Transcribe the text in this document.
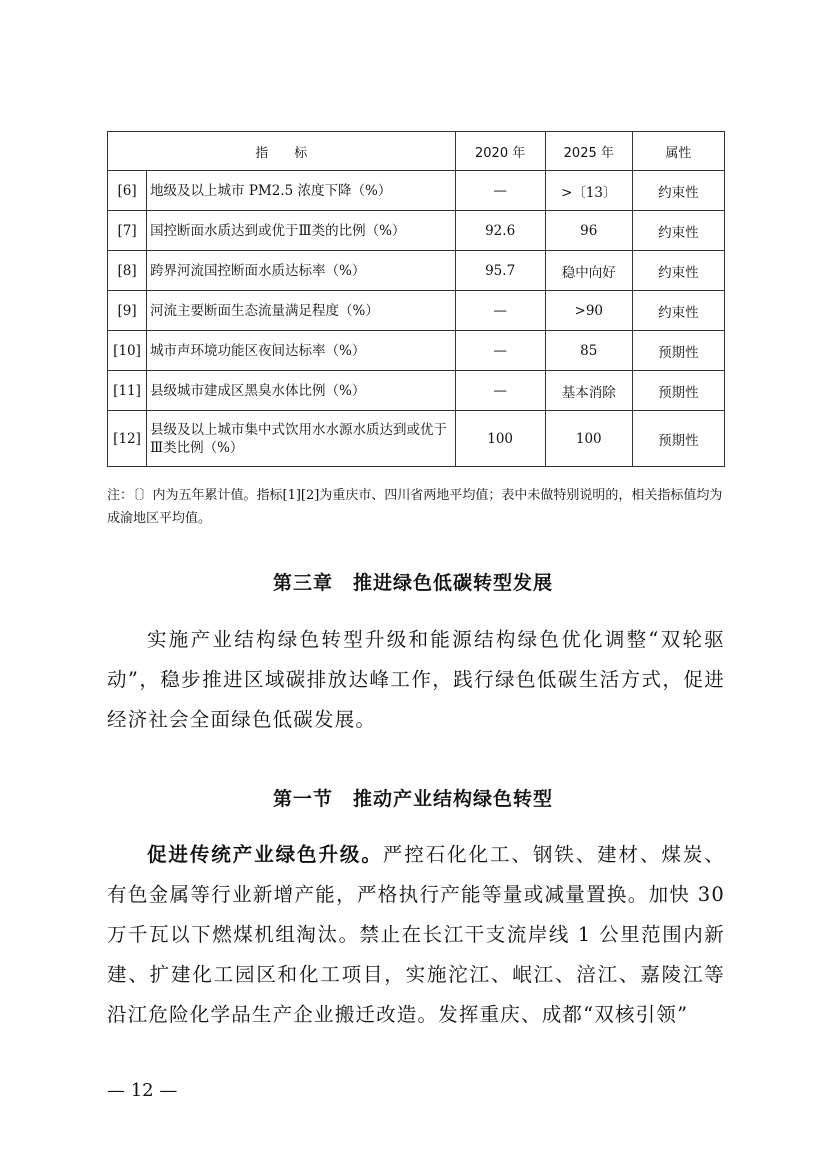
指　　标		2020 年	2025 年	属性
[6]	地级及以上城市 PM2.5 浓度下降（%）	—	>〔13〕	约束性
[7]	国控断面水质达到或优于Ⅲ类的比例（%）	92.6	96	约束性
[8]	跨界河流国控断面水质达标率（%）	95.7	稳中向好	约束性
[9]	河流主要断面生态流量满足程度（%）	—	>90	约束性
[10]	城市声环境功能区夜间达标率（%）	—	85	预期性
[11]	县级城市建成区黑臭水体比例（%）	—	基本消除	预期性
[12]	县级及以上城市集中式饮用水水源水质达到或优于Ⅲ类比例（%）	100	100	预期性
注：〔〕内为五年累计值。指标[1][2]为重庆市、四川省两地平均值；表中未做特别说明的，相关指标值均为成渝地区平均值。
第三章　推进绿色低碳转型发展

实施产业结构绿色转型升级和能源结构绿色优化调整“双轮驱动”，稳步推进区域碳排放达峰工作，践行绿色低碳生活方式，促进经济社会全面绿色低碳发展。

第一节　推动产业结构绿色转型

促进传统产业绿色升级。严控石化化工、钢铁、建材、煤炭、有色金属等行业新增产能，严格执行产能等量或减量置换。加快 30 万千瓦以下燃煤机组淘汰。禁止在长江干支流岸线 1 公里范围内新建、扩建化工园区和化工项目，实施沱江、岷江、涪江、嘉陵江等沿江危险化学品生产企业搬迁改造。发挥重庆、成都“双核引领”

— 12 —
